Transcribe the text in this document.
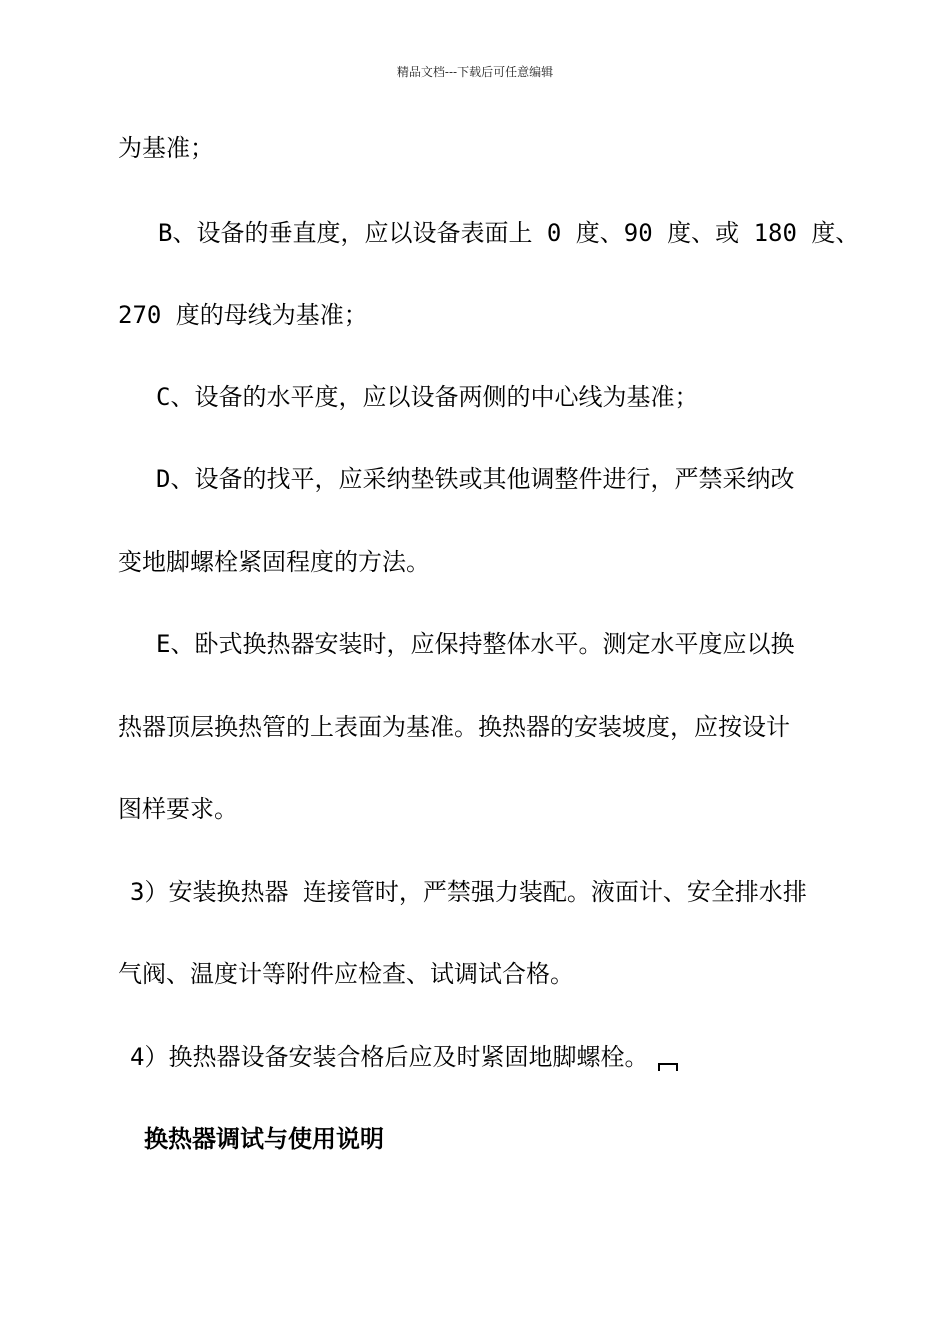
精品文档---下载后可任意编辑
为基准；
B、设备的垂直度，应以设备表面上 0 度、90 度、或 180 度、
270 度的母线为基准；
C、设备的水平度，应以设备两侧的中心线为基准；
D、设备的找平，应采纳垫铁或其他调整件进行，严禁采纳改
变地脚螺栓紧固程度的方法。
E、卧式换热器安装时，应保持整体水平。测定水平度应以换
热器顶层换热管的上表面为基准。换热器的安装坡度，应按设计
图样要求。
3）安装换热器 连接管时，严禁强力装配。液面计、安全排水排
气阀、温度计等附件应检查、试调试合格。
4）换热器设备安装合格后应及时紧固地脚螺栓。
换热器调试与使用说明
